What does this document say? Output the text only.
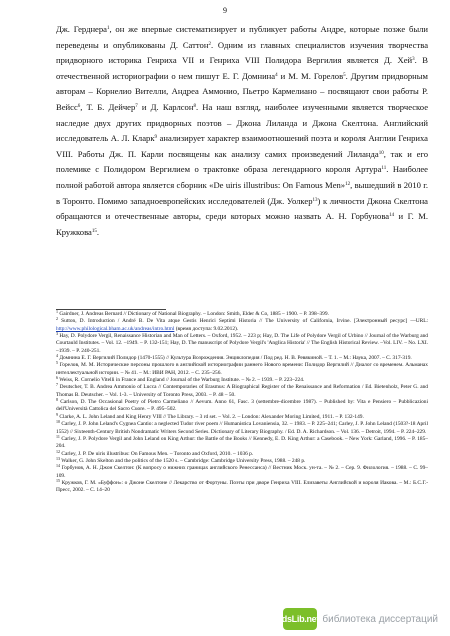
9

Дж. Герднера$^1$, он же впервые систематизирует и публикует работы Андре, которые позже были переведены и опубликованы Д. Саттон$^2$. Одним из главных специалистов изучения творчества придворного историка Генриха VII и Генриха VIII Полидора Вергилия является Д. Хей$^3$. В отечественной историографии о нем пишут Е. Г. Домнина$^4$ и М. М. Горелов$^5$. Другим придворным авторам – Корнелио Вителли, Андреа Аммонио, Пьетро Кармелиано – посвящают свои работы Р. Вейсс$^6$, Т. Б. Дейчер$^7$ и Д. Карлсон$^8$. На наш взгляд, наиболее изученными является творческое наследие двух других придворных поэтов – Джона Лиланда и Джона Скелтона. Английский исследователь А. Л. Кларк$^9$ анализирует характер взаимоотношений поэта и короля Англии Генриха VIII. Работы Дж. П. Карли посвящены как анализу самих произведений Лиланда$^{10}$, так и его полемике с Полидором Вергилием о трактовке образа легендарного короля Артура$^{11}$. Наиболее полной работой автора является сборник «De uiris illustribus: On Famous Men»$^{12}$, вышедший в 2010 г. в Торонто. Помимо западноевропейских исследователей (Дж. Уолкер$^{13}$) к личности Джона Скелтона обращаются и отечественные авторы, среди которых можно назвать А. Н. Горбунова$^{14}$ и Г. М. Кружкова$^{15}$.

$^1$ Gairdner, J. Andreas Bernard // Dictionary of National Biography. – London: Smith, Elder & Co, 1885 – 1900. – P. 398–399.

$^2$ Sutton, D. Introduction / André B. De Vita atque Gestis Henrici Septimi Historia // The University of California, Irvine. [Электронный ресурс] —URL: http://www.philological.bham.ac.uk/andreas/intro.html (время доступа: 9.02.2012).

$^3$ Hay, D. Polydore Vergil, Renaissance Historian and Man of Letters. – Oxford, 1952. – 223 p; Hay, D. The Life of Polydore Vergil of Urbino // Journal of the Warburg and Courtauld Institutes. – Vol. 12. –1949. – P. 132-151; Hay, D. The manuscript of Polydore Vergil's 'Anglica Historia' // The English Historical Review. –Vol. LIV. – No. LXI. –1939. – P. 240-251.

$^4$ Домнина Е. Г. Вергилий Полидор (1470-1555) // Культура Возрождения. Энциклопедия / Под ред. Н. В. Ревякиной. – Т. 1. – М.: Наука, 2007. – С. 317-319.

$^5$ Горелов, М. М. Исторические персоны прошлого в английской историографии раннего Нового времени: Полидор Вергилий // Диалог со временем. Альманах интеллектуальной истории. – № 41. – М.: ИВИ РАН, 2012. – С. 235–256.

$^6$ Weiss, R. Cornelio Vitelli in France and England // Journal of the Warburg Institute. – № 2. – 1939. – P. 223–224.

$^7$ Deutscher, T. B. Andrea Ammonio of Lucca // Contemporaries of Erasmus: A Biographical Register of the Renaissance and Reformation / Ed. Bietenholz, Peter G. and Thomas B. Deutscher. – Vol. 1-3. – University of Toronto Press, 2003. – P. 48 – 50.

$^8$ Carlson, D. The Occasional Poetry of Pietro Carmeliano // Aevum. Anno 61, Fasc. 3 (settembre-dicembre 1987). – Published by: Vita e Pensiero – Pubblicazioni dell'Università Cattolica del Sacro Cuore. – P. 495–502.

$^9$ Clarke, A. L. John Leland and King Henry VIII // The Library. – 3 rd set. – Vol. 2. – London: Alexander Moring Limited, 1911. – P. 132-149.

$^{10}$ Carley, J. P. John Leland's Cygnea Cantio: a neglected Tudor river poem // Humanistica Lovaniensia, 32. – 1983. – P. 225–241; Carley, J. P. John Leland (1503?-18 April 1552) // Sixteenth-Century British Nondramatic Writers Second Series. Dictionary of Literary Biography. / Ed. D. A. Richardson. – Vol. 136. – Detroit, 1994. – P. 224–229.

$^{11}$ Carley, J. P. Polydore Vergil and John Leland on King Arthur: the Battle of the Books // Kennedy, E. D. King Arthur: a Casebook. – New York: Garland, 1996. – P. 185–204.

$^{12}$ Carley, J. P. De uiris illustribus: On Famous Men. – Toronto and Oxford, 2010. – 1036 p.

$^{13}$ Walker, G. John Skelton and the politics of the 1520 s. – Cambridge: Cambridge University Press, 1988. – 248 p.

$^{14}$ Горбунов, А. Н. Джон Скелтон: (К вопросу о нижних границах английского Ренессанса) // Вестник Моск. ун-та. – № 2. – Сер. 9. Филология. – 1988. – С. 99–109.

$^{15}$ Кружков, Г. М. «Буффон»: о Джоне Скелтоне // Лекарство от Фортуны. Поэты при дворе Генриха VIII. Елизаветы Английской и короля Иакова. – М.: Б.С.Г.-Пресс, 2002. – С. 14–20

dsLib.net библиотека диссертаций
